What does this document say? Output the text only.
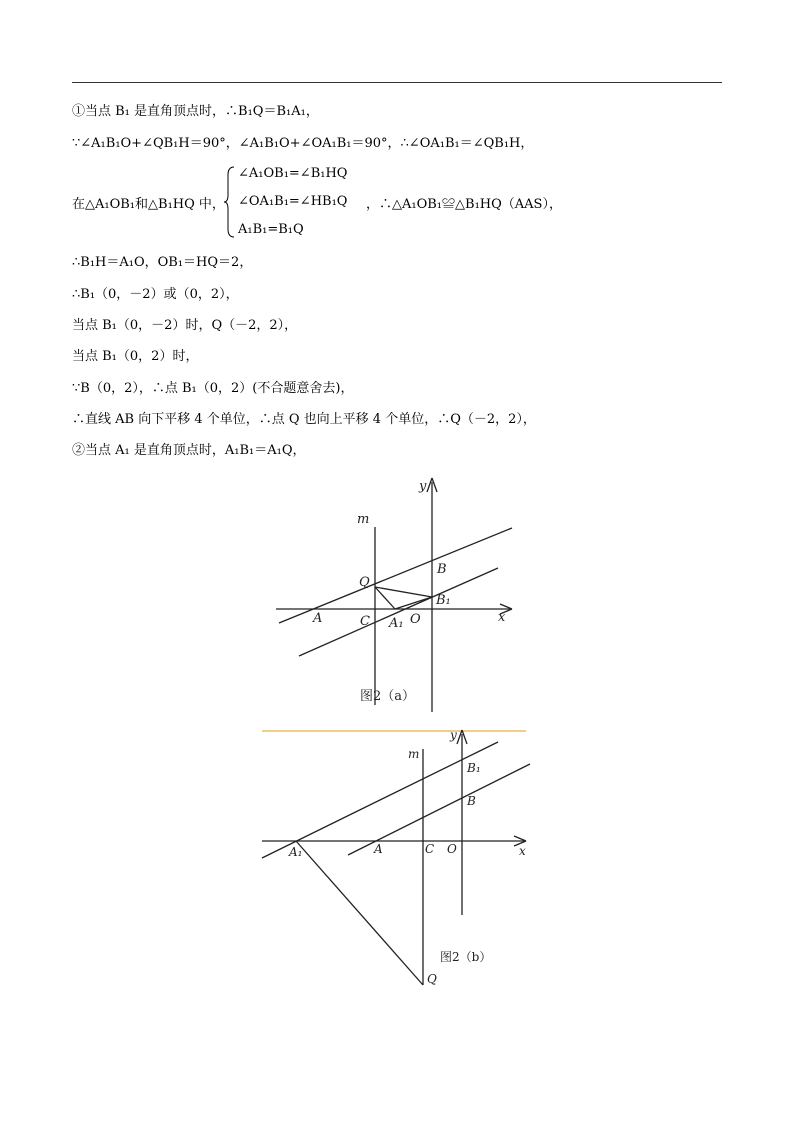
①当点 B₁ 是直角顶点时，∴B₁Q＝B₁A₁，
∵∠A₁B₁O+∠QB₁H＝90°，∠A₁B₁O+∠OA₁B₁＝90°，∴∠OA₁B₁＝∠QB₁H，
在△A₁OB₁和△B₁HQ 中，
∠A₁OB₁=∠B₁HQ
∠OA₁B₁=∠HB₁Q
A₁B₁=B₁Q
，∴△A₁OB₁≌△B₁HQ（AAS），
∴B₁H＝A₁O，OB₁＝HQ＝2，
∴B₁（0，－2）或（0，2），
当点 B₁（0，－2）时，Q（－2，2），
当点 B₁（0，2）时，
∵B（0，2），∴点 B₁（0，2）(不合题意舍去)，
∴直线 AB 向下平移 4 个单位，∴点 Q 也向上平移 4 个单位，∴Q（－2，2），
②当点 A₁ 是直角顶点时，A₁B₁＝A₁Q，
y
x
m
Q
B
B₁
A	C A₁ O
图2（a）
y
x
m
B₁
B
A₁	A	C O
Q
图2（b）
